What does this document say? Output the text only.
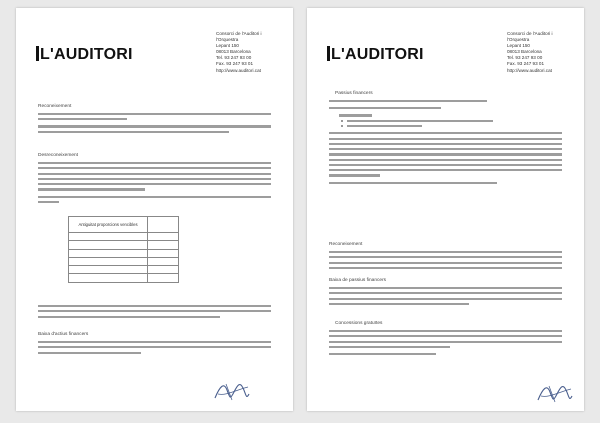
L'AUDITORI
Consorci de l'Auditori i
l'Orquestra
Lepant 150
08013 Barcelona
Tel. 93 247 93 00
Fax. 93 247 93 01
http://www.auditori.cat
Reconeixement
Desreconeixement
Antiguitat proporcions vencibles	

Baixa d'actius financers
L'AUDITORI
Consorci de l'Auditori i
l'Orquestra
Lepant 150
08013 Barcelona
Tel. 93 247 93 00
Fax. 93 247 93 01
http://www.auditori.cat
Passius financers
Reconeixement
Baixa de passius financers
Concessions gratuïtes
